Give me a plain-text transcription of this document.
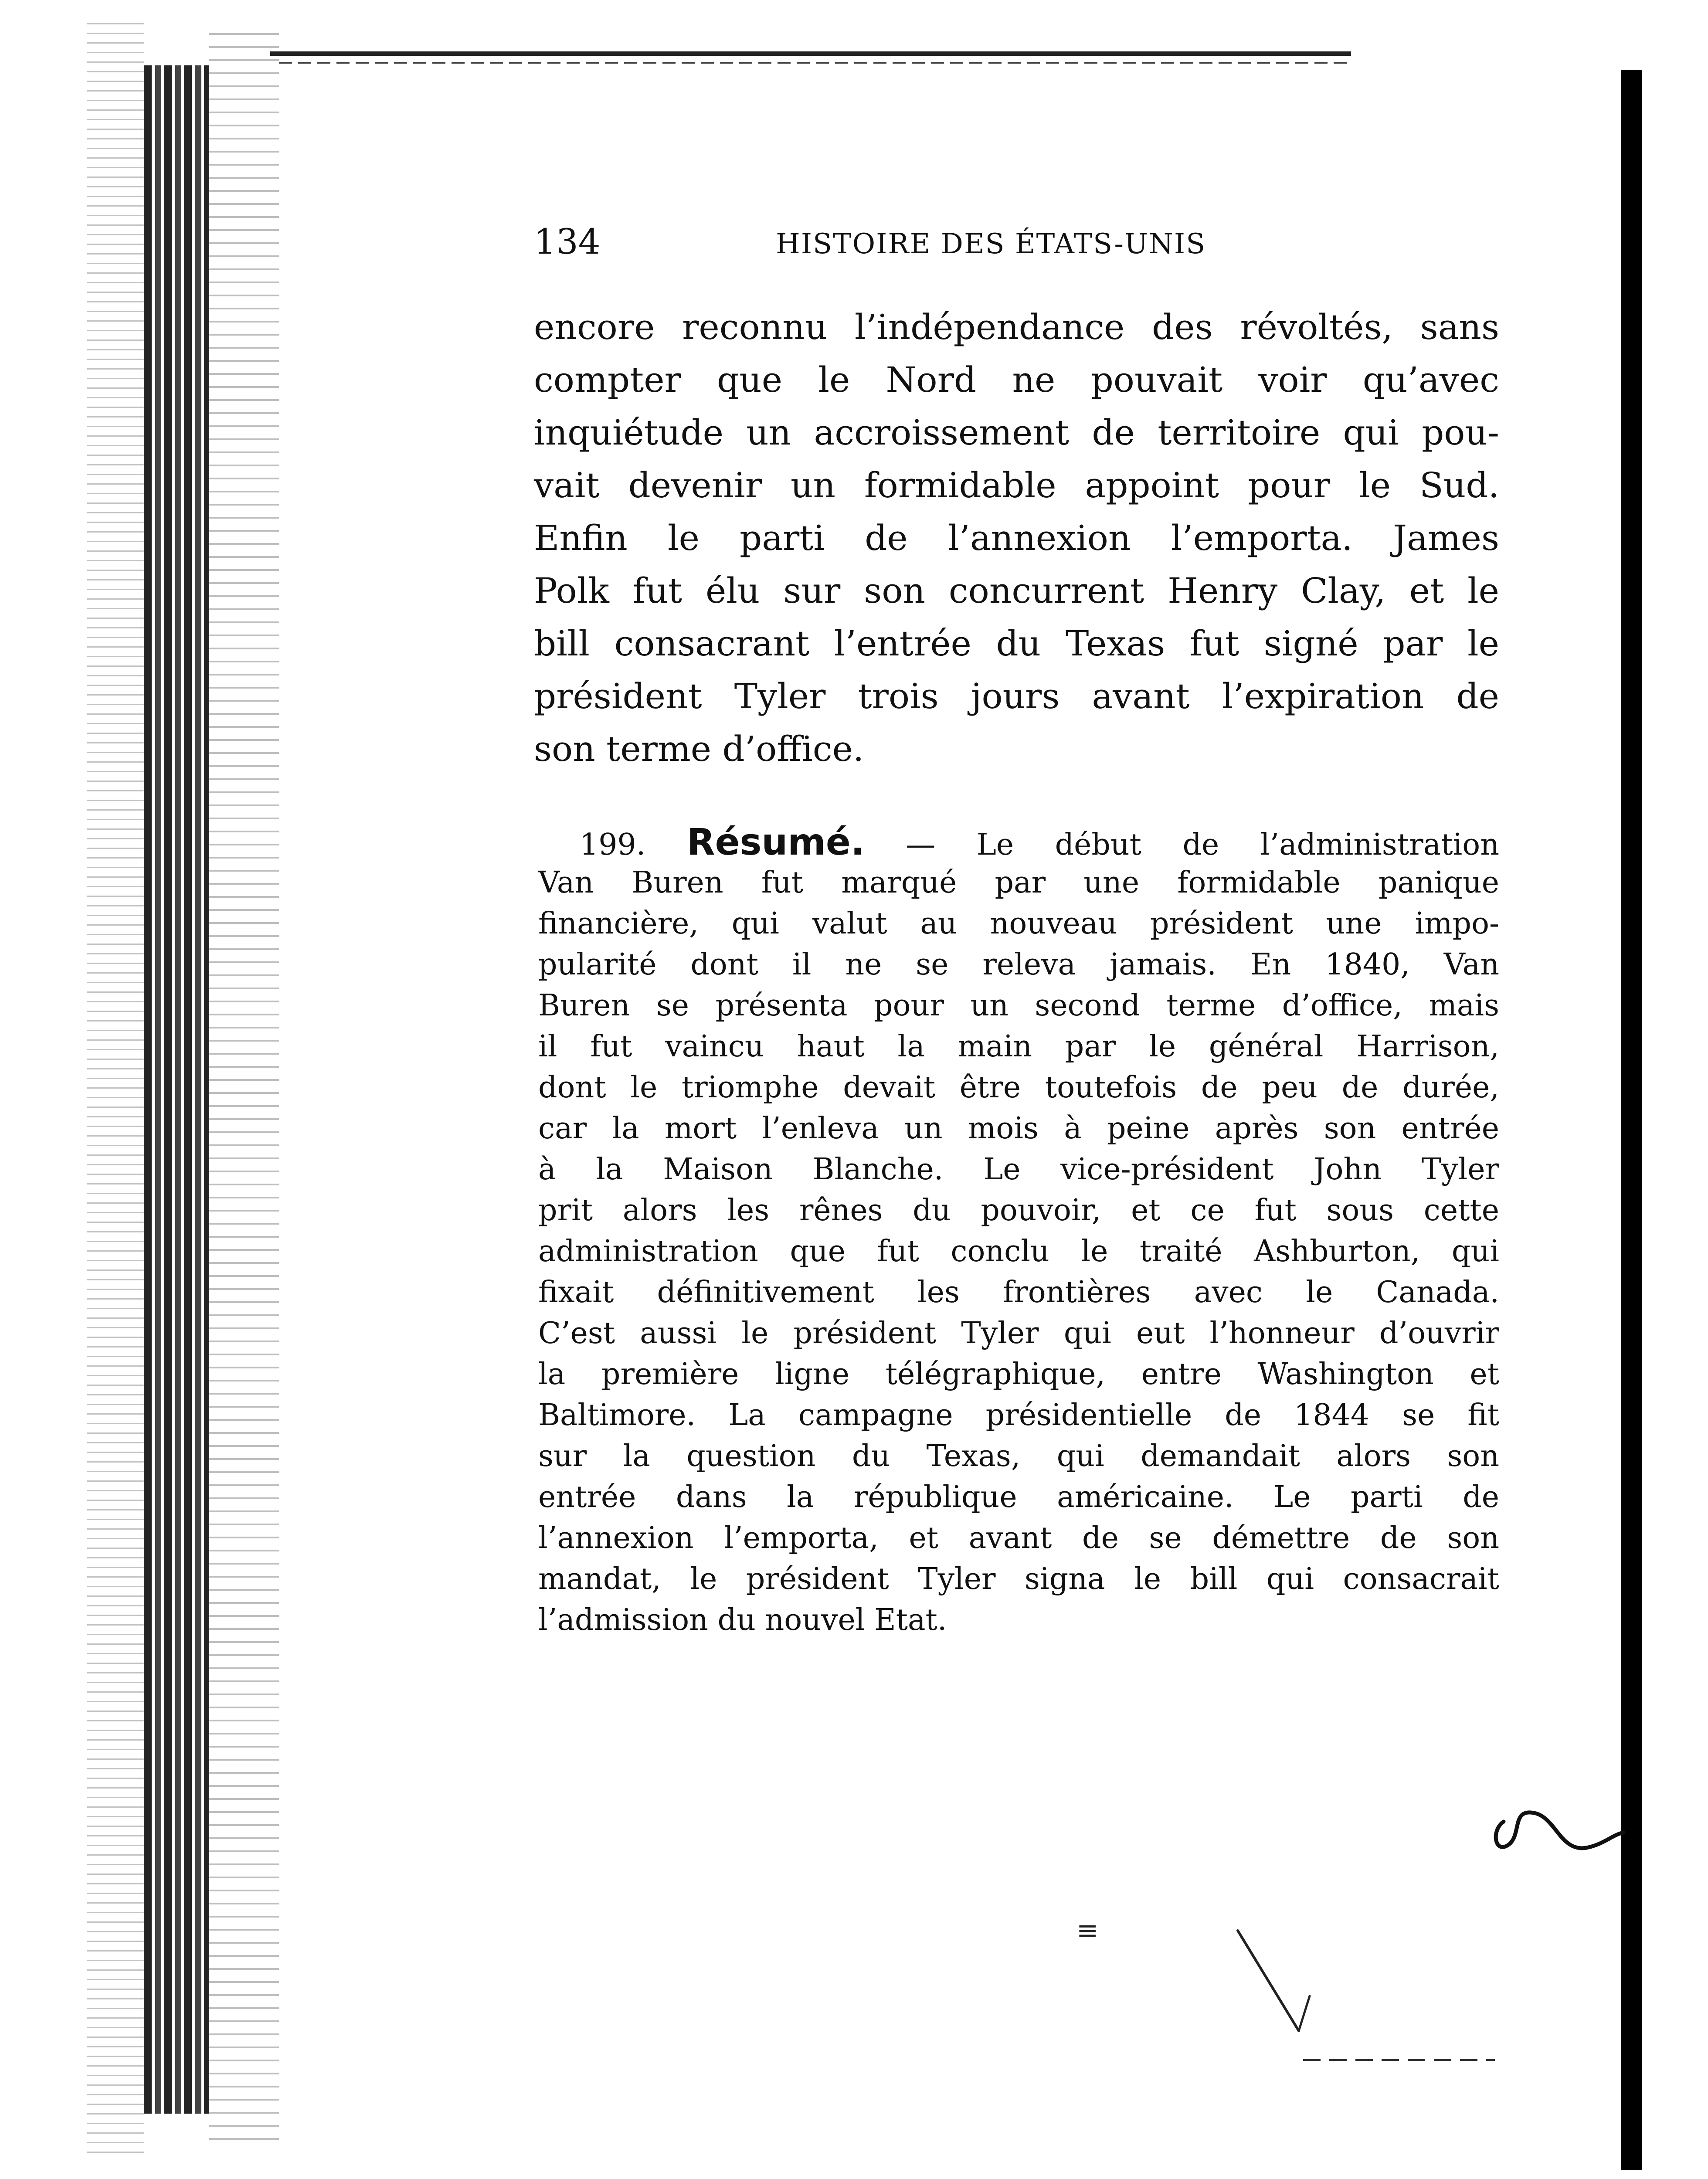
≡
134	HISTOIRE DES ÉTATS-UNIS
encore reconnu l’indépendance des révoltés, sans
compter que le Nord ne pouvait voir qu’avec
inquiétude un accroissement de territoire qui pou-
vait devenir un formidable appoint pour le Sud.
Enfin le parti de l’annexion l’emporta. James
Polk fut élu sur son concurrent Henry Clay, et le
bill consacrant l’entrée du Texas fut signé par le
président Tyler trois jours avant l’expiration de
son terme d’office.
199. Résumé. — Le début de l’administration
Van Buren fut marqué par une formidable panique
financière, qui valut au nouveau président une impo-
pularité dont il ne se releva jamais. En 1840, Van
Buren se présenta pour un second terme d’office, mais
il fut vaincu haut la main par le général Harrison,
dont le triomphe devait être toutefois de peu de durée,
car la mort l’enleva un mois à peine après son entrée
à la Maison Blanche. Le vice-président John Tyler
prit alors les rênes du pouvoir, et ce fut sous cette
administration que fut conclu le traité Ashburton, qui
fixait définitivement les frontières avec le Canada.
C’est aussi le président Tyler qui eut l’honneur d’ouvrir
la première ligne télégraphique, entre Washington et
Baltimore. La campagne présidentielle de 1844 se fit
sur la question du Texas, qui demandait alors son
entrée dans la république américaine. Le parti de
l’annexion l’emporta, et avant de se démettre de son
mandat, le président Tyler signa le bill qui consacrait
l’admission du nouvel Etat.
